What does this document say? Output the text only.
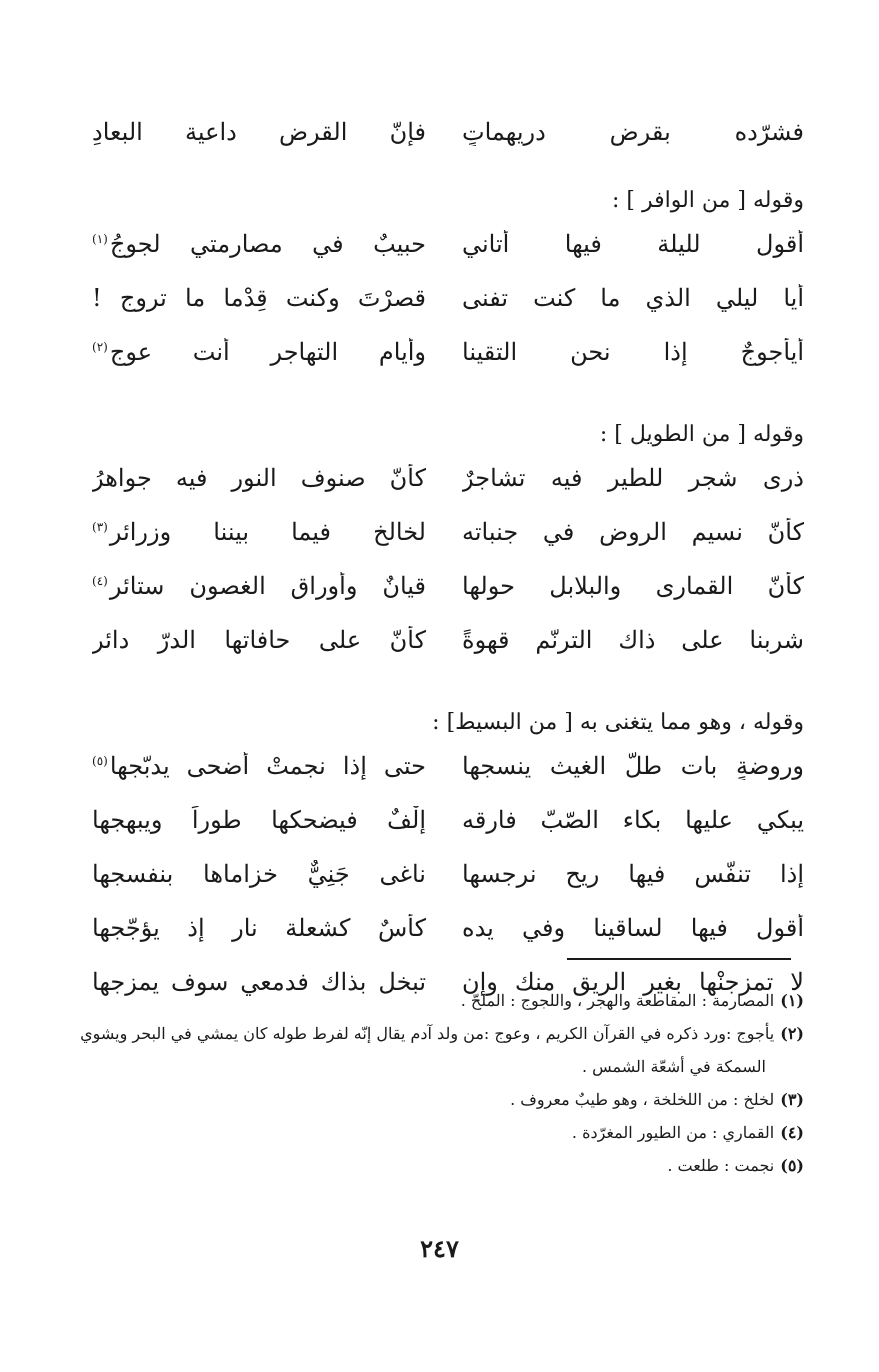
فشرّده بقرض دريهماتٍ
فإنّ القرض داعية البعادِ
وقوله [ من الوافر ] :
أقول لليلة فيها أتاني
حبيبٌ في مصارمتي لجوجُ$^{(١)}$
أيا ليلي الذي ما كنت تفنى
قصرْتَ وكنت قِدْما ما تروج !
أيأجوجٌ إذا نحن التقينا
وأيام التهاجر أنت عوج$^{(٢)}$
وقوله [ من الطويل ] :
ذرى شجر للطير فيه تشاجرٌ
كأنّ صنوف النور فيه جواهرُ
كأنّ نسيم الروض في جنباته
لخالخ فيما بيننا وزرائر$^{(٣)}$
كأنّ القماری والبلابل حولها
قيانٌ وأوراق الغصون ستائر$^{(٤)}$
شربنا على ذاك الترنّم قهوةً
كأنّ على حافاتها الدرّ دائر
وقوله ، وهو مما يتغنى به [ من البسيط] :
وروضةٍ بات طلّ الغيث ينسجها
حتى إذا نجمتْ أضحى يدبّجها$^{(٥)}$
يبكي عليها بكاء الصّبّ فارقه
إلْفٌ فيضحكها طوراً ويبهجها
إذا تنفّس فيها ريح نرجسها
ناغى جَنِيٌّ خزاماها بنفسجها
أقول فيها لساقينا وفي يده
كأسٌ كشعلة نارٍ إذ يؤجّجها
لا تمزجنْها بغير الريق منك وإن
تبخل بذاك فدمعي سوف يمزجها
(١)المصارمة : المقاطعة والهجر ، واللجوج : الملحّ .
(٢)يأجوج :ورد ذكره في القرآن الكريم ، وعوج :من ولد آدم يقال إنّه لفرط طوله كان يمشي في البحر ويشوي
السمكة في أشعّة الشمس .
(٣)لخلخ : من اللخلخة ، وهو طيبٌ معروف .
(٤)القماري : من الطيور المغرّدة .
(٥)نجمت : طلعت .
٢٤٧
